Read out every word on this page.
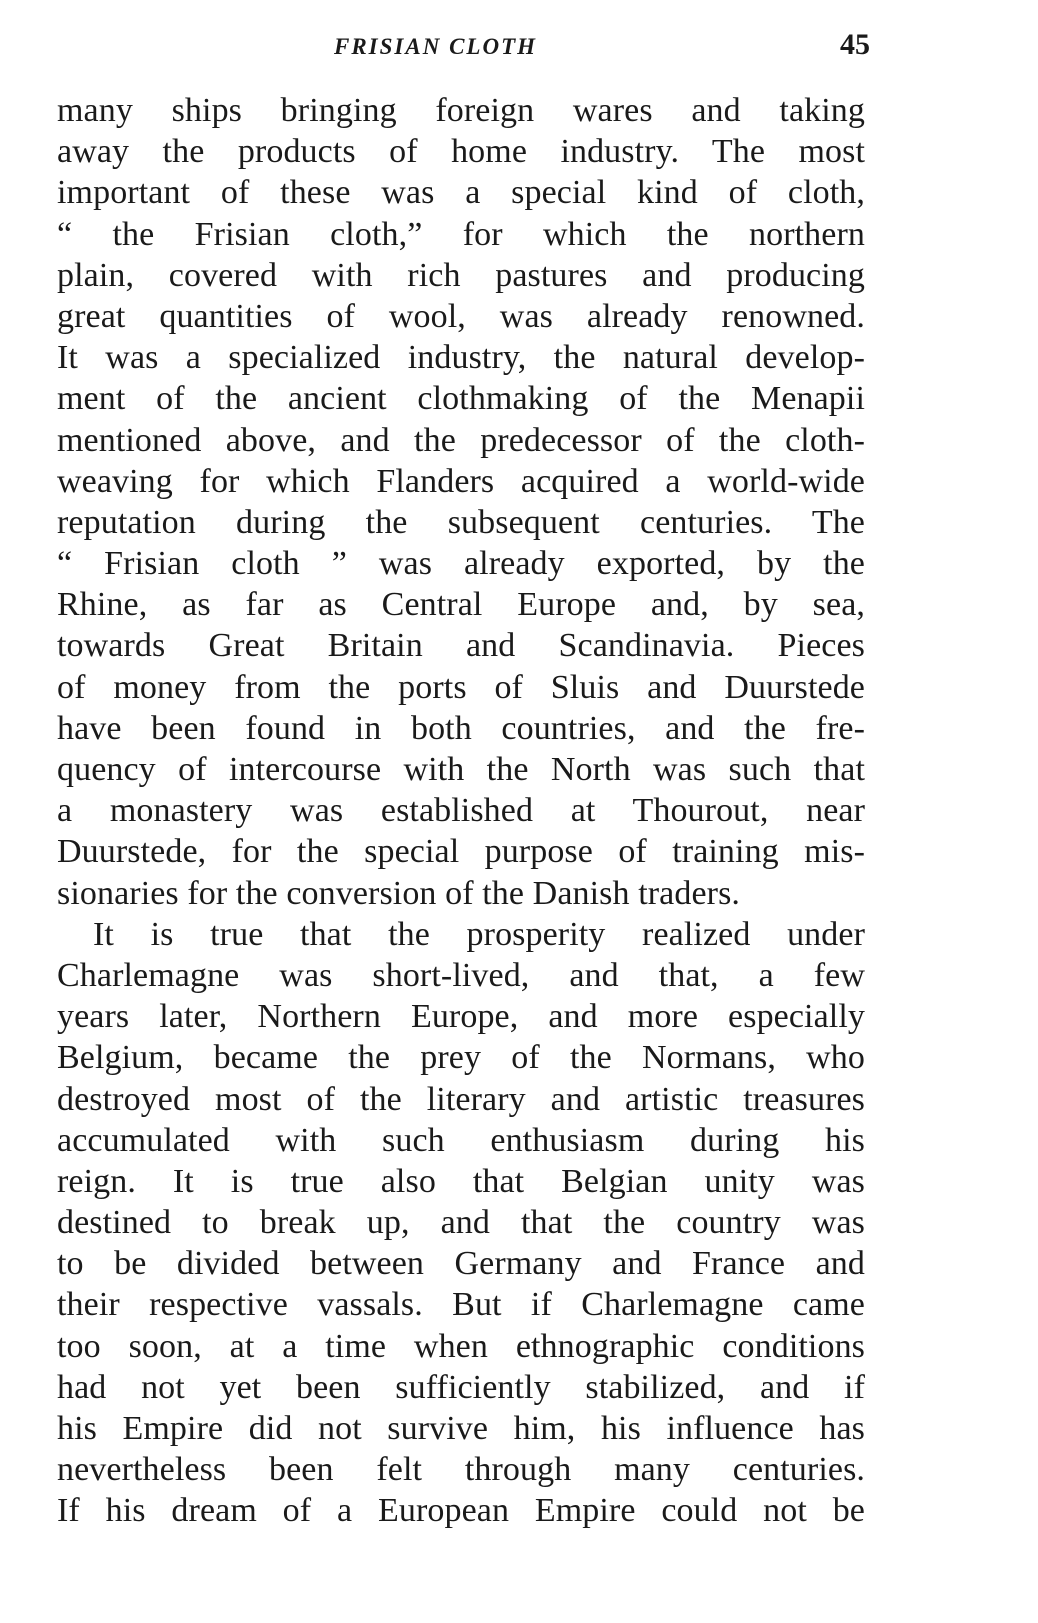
FRISIAN CLOTH	45
many ships bringing foreign wares and taking
away the products of home industry. The most
important of these was a special kind of cloth,
“ the Frisian cloth,” for which the northern
plain, covered with rich pastures and producing
great quantities of wool, was already renowned.
It was a specialized industry, the natural develop-
ment of the ancient clothmaking of the Menapii
mentioned above, and the predecessor of the cloth-
weaving for which Flanders acquired a world-wide
reputation during the subsequent centuries. The
“ Frisian cloth ” was already exported, by the
Rhine, as far as Central Europe and, by sea,
towards Great Britain and Scandinavia. Pieces
of money from the ports of Sluis and Duurstede
have been found in both countries, and the fre-
quency of intercourse with the North was such that
a monastery was established at Thourout, near
Duurstede, for the special purpose of training mis-
sionaries for the conversion of the Danish traders.
It is true that the prosperity realized under
Charlemagne was short-lived, and that, a few
years later, Northern Europe, and more especially
Belgium, became the prey of the Normans, who
destroyed most of the literary and artistic treasures
accumulated with such enthusiasm during his
reign. It is true also that Belgian unity was
destined to break up, and that the country was
to be divided between Germany and France and
their respective vassals. But if Charlemagne came
too soon, at a time when ethnographic conditions
had not yet been sufficiently stabilized, and if
his Empire did not survive him, his influence has
nevertheless been felt through many centuries.
If his dream of a European Empire could not be
